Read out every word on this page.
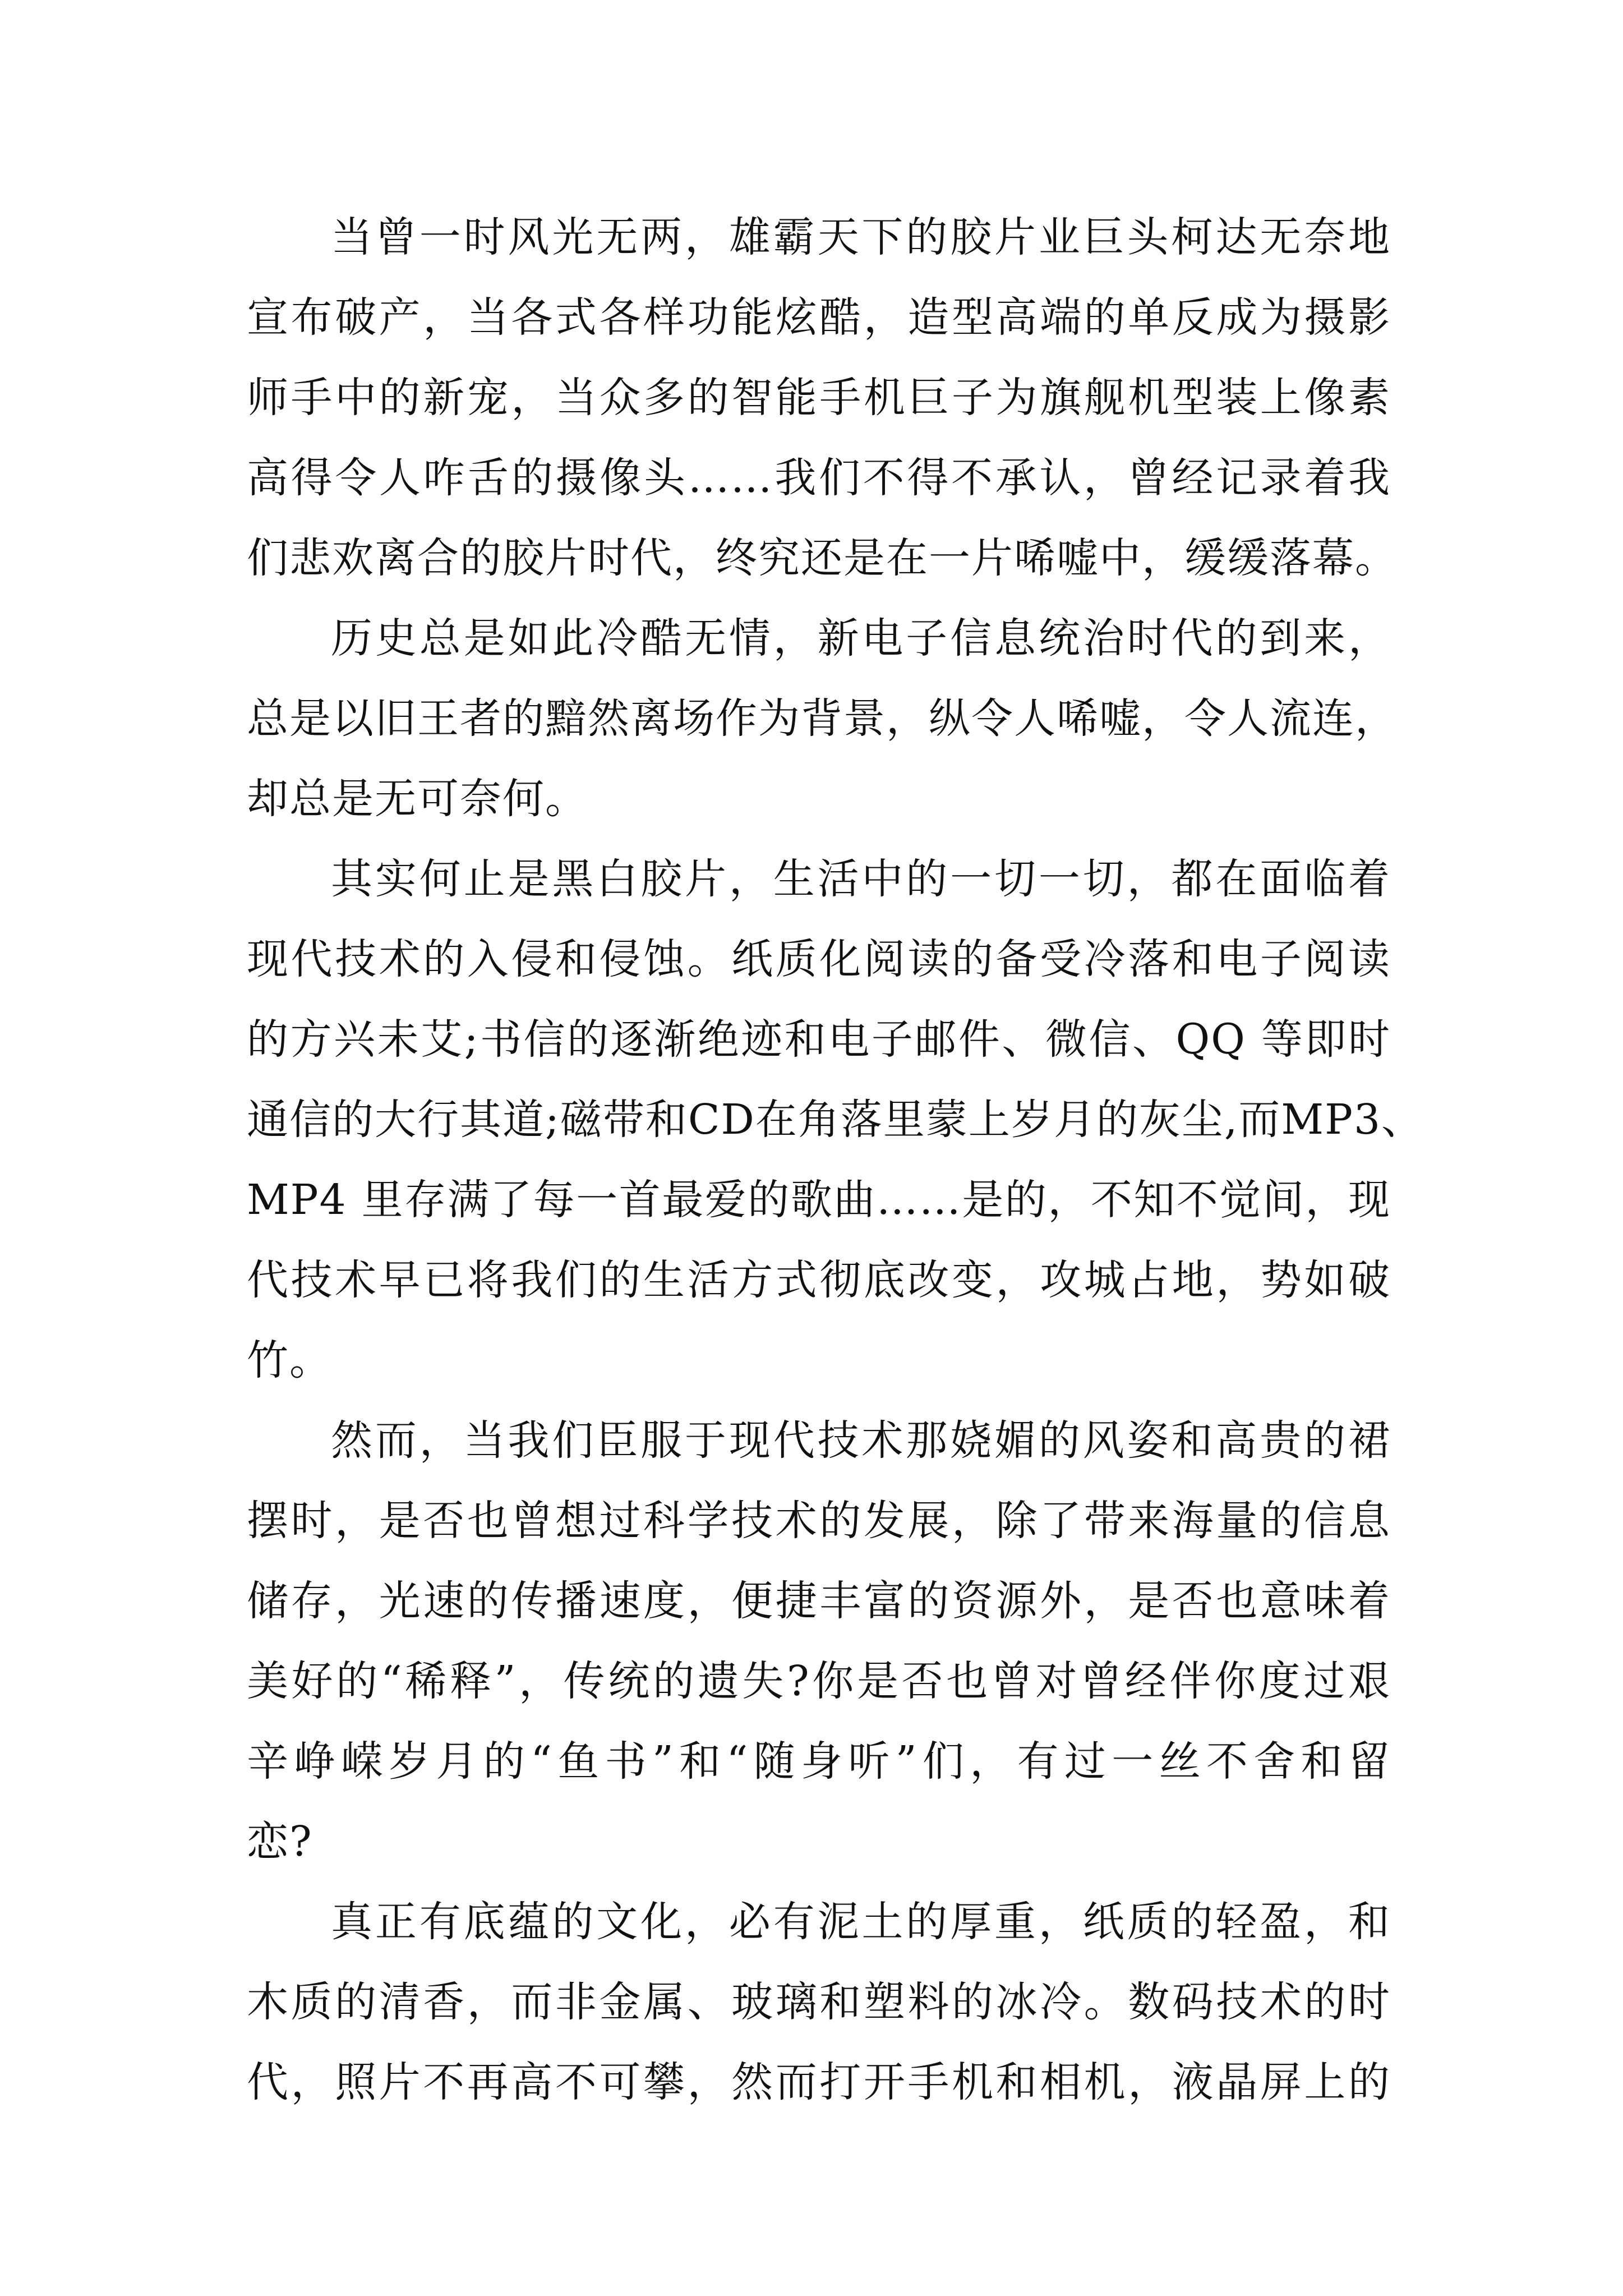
当曾一时风光无两，雄霸天下的胶片业巨头柯达无奈地
宣布破产，当各式各样功能炫酷，造型高端的单反成为摄影
师手中的新宠，当众多的智能手机巨子为旗舰机型装上像素
高得令人咋舌的摄像头……我们不得不承认，曾经记录着我
们悲欢离合的胶片时代，终究还是在一片唏嘘中，缓缓落幕。
历史总是如此冷酷无情，新电子信息统治时代的到来，
总是以旧王者的黯然离场作为背景，纵令人唏嘘，令人流连，
却总是无可奈何。
其实何止是黑白胶片，生活中的一切一切，都在面临着
现代技术的入侵和侵蚀。纸质化阅读的备受冷落和电子阅读
的方兴未艾;书信的逐渐绝迹和电子邮件、微信、QQ 等即时
通信的大行其道;磁带和CD在角落里蒙上岁月的灰尘,而MP3、
MP4 里存满了每一首最爱的歌曲……是的，不知不觉间，现
代技术早已将我们的生活方式彻底改变，攻城占地，势如破
竹。
然而，当我们臣服于现代技术那娆媚的风姿和高贵的裙
摆时，是否也曾想过科学技术的发展，除了带来海量的信息
储存，光速的传播速度，便捷丰富的资源外，是否也意味着
美好的“稀释”，传统的遗失?你是否也曾对曾经伴你度过艰
辛峥嵘岁月的“鱼书”和“随身听”们，有过一丝不舍和留
恋?
真正有底蕴的文化，必有泥土的厚重，纸质的轻盈，和
木质的清香，而非金属、玻璃和塑料的冰冷。数码技术的时
代，照片不再高不可攀，然而打开手机和相机，液晶屏上的
